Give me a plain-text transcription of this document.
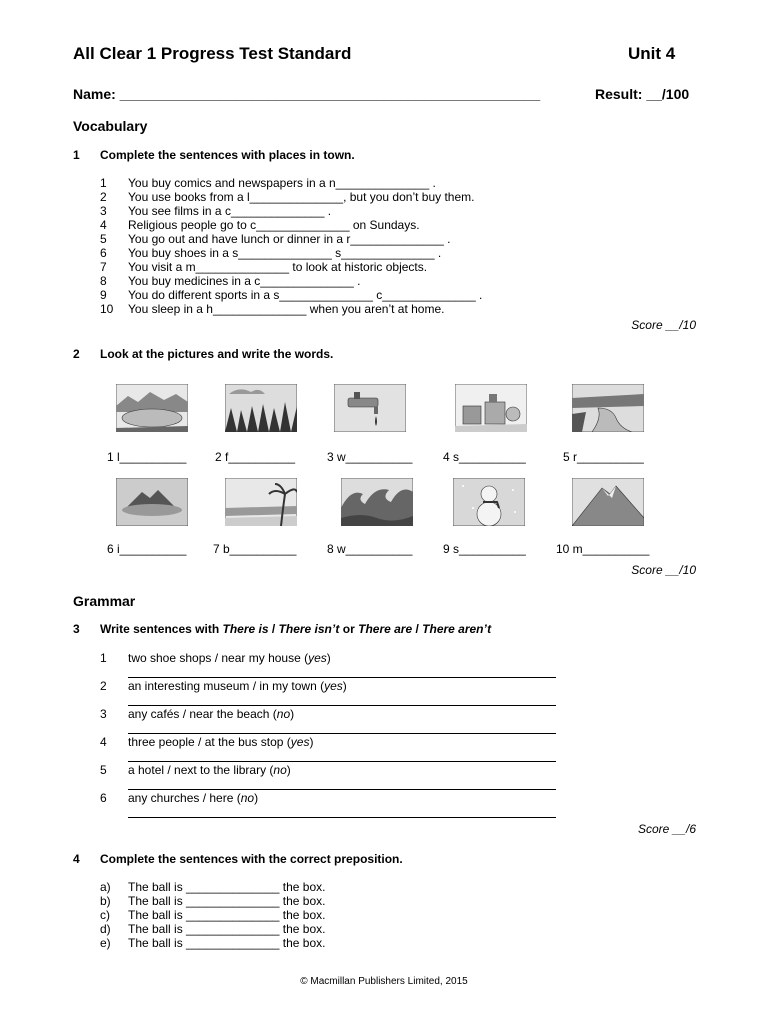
All Clear 1 Progress Test Standard	Unit 4
Name: ______________________________________________________	Result: __/100
Vocabulary
1 Complete the sentences with places in town.
1 You buy comics and newspapers in a n______________ .
2 You use books from a l______________, but you don’t buy them.
3 You see films in a c______________ .
4 Religious people go to c______________ on Sundays.
5 You go out and have lunch or dinner in a r______________ .
6 You buy shoes in a s______________ s______________ .
7 You visit a m______________ to look at historic objects.
8 You buy medicines in a c______________ .
9 You do different sports in a s______________ c______________ .
10 You sleep in a h______________ when you aren’t at home.
Score __/10
2 Look at the pictures and write the words.
1 l__________ 2 f__________	3 w__________	4 s__________	5 r__________
6 i__________ 7 b__________	8 w__________	9 s__________	10 m__________
Score __/10
Grammar
3 Write sentences with There is / There isn’t or There are / There aren’t
1 two shoe shops / near my house (yes)
2 an interesting museum / in my town (yes)
3 any cafés / near the beach (no)
4 three people / at the bus stop (yes)
5 a hotel / next to the library (no)
6 any churches / here (no)
Score __/6
4 Complete the sentences with the correct preposition.
a) The ball is ______________ the box.
b) The ball is ______________ the box.
c) The ball is ______________ the box.
d) The ball is ______________ the box.
e) The ball is ______________ the box.
© Macmillan Publishers Limited, 2015
